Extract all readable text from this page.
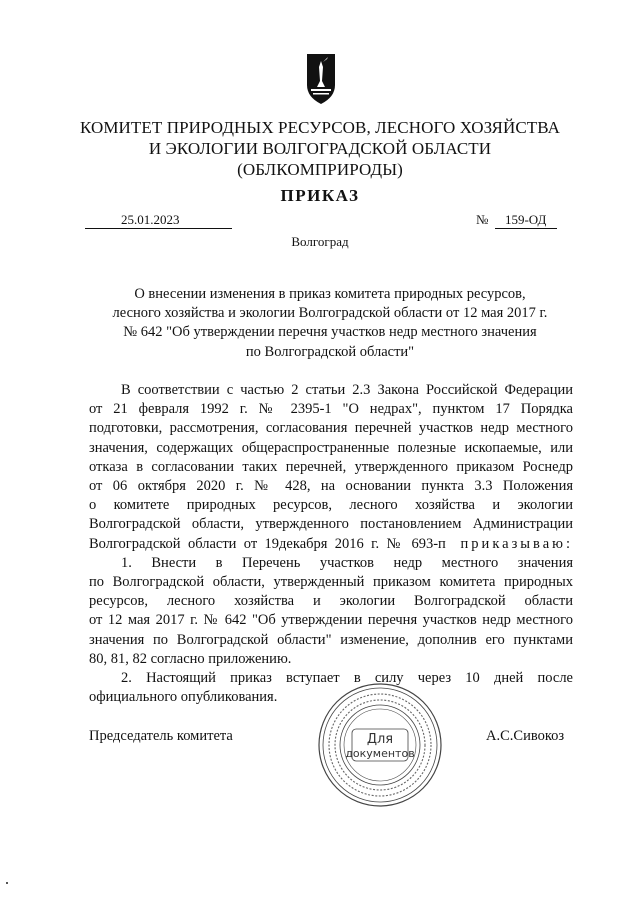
КОМИТЕТ ПРИРОДНЫХ РЕСУРСОВ, ЛЕСНОГО ХОЗЯЙСТВА
И ЭКОЛОГИИ ВОЛГОГРАДСКОЙ ОБЛАСТИ
(ОБЛКОМПРИРОДЫ)
ПРИКАЗ
25.01.2023	№ 159-ОД
Волгоград
О внесении изменения в приказ комитета природных ресурсов,
лесного хозяйства и экологии Волгоградской области от 12 мая 2017 г.
№ 642 "Об утверждении перечня участков недр местного значения
по Волгоградской области"
В соответствии с частью 2 статьи 2.3 Закона Российской Федерации
от 21 февраля 1992 г. № 2395-1 "О недрах", пунктом 17 Порядка
подготовки, рассмотрения, согласования перечней участков недр местного
значения, содержащих общераспространенные полезные ископаемые, или
отказа в согласовании таких перечней, утвержденного приказом Роснедр
от 06 октября 2020 г. № 428, на основании пункта 3.3 Положения
о комитете природных ресурсов, лесного хозяйства и экологии
Волгоградской области, утвержденного постановлением Администрации
Волгоградской области от 19декабря 2016 г. № 693-п приказываю:
1. Внести в Перечень участков недр местного значения
по Волгоградской области, утвержденный приказом комитета природных
ресурсов, лесного хозяйства и экологии Волгоградской области
от 12 мая 2017 г. № 642 "Об утверждении перечня участков недр местного
значения по Волгоградской области" изменение, дополнив его пунктами
80, 81, 82 согласно приложению.
2. Настоящий приказ вступает в силу через 10 дней после
официального опубликования.
Председатель комитета	Для
документов
А.С.Сивокоз
